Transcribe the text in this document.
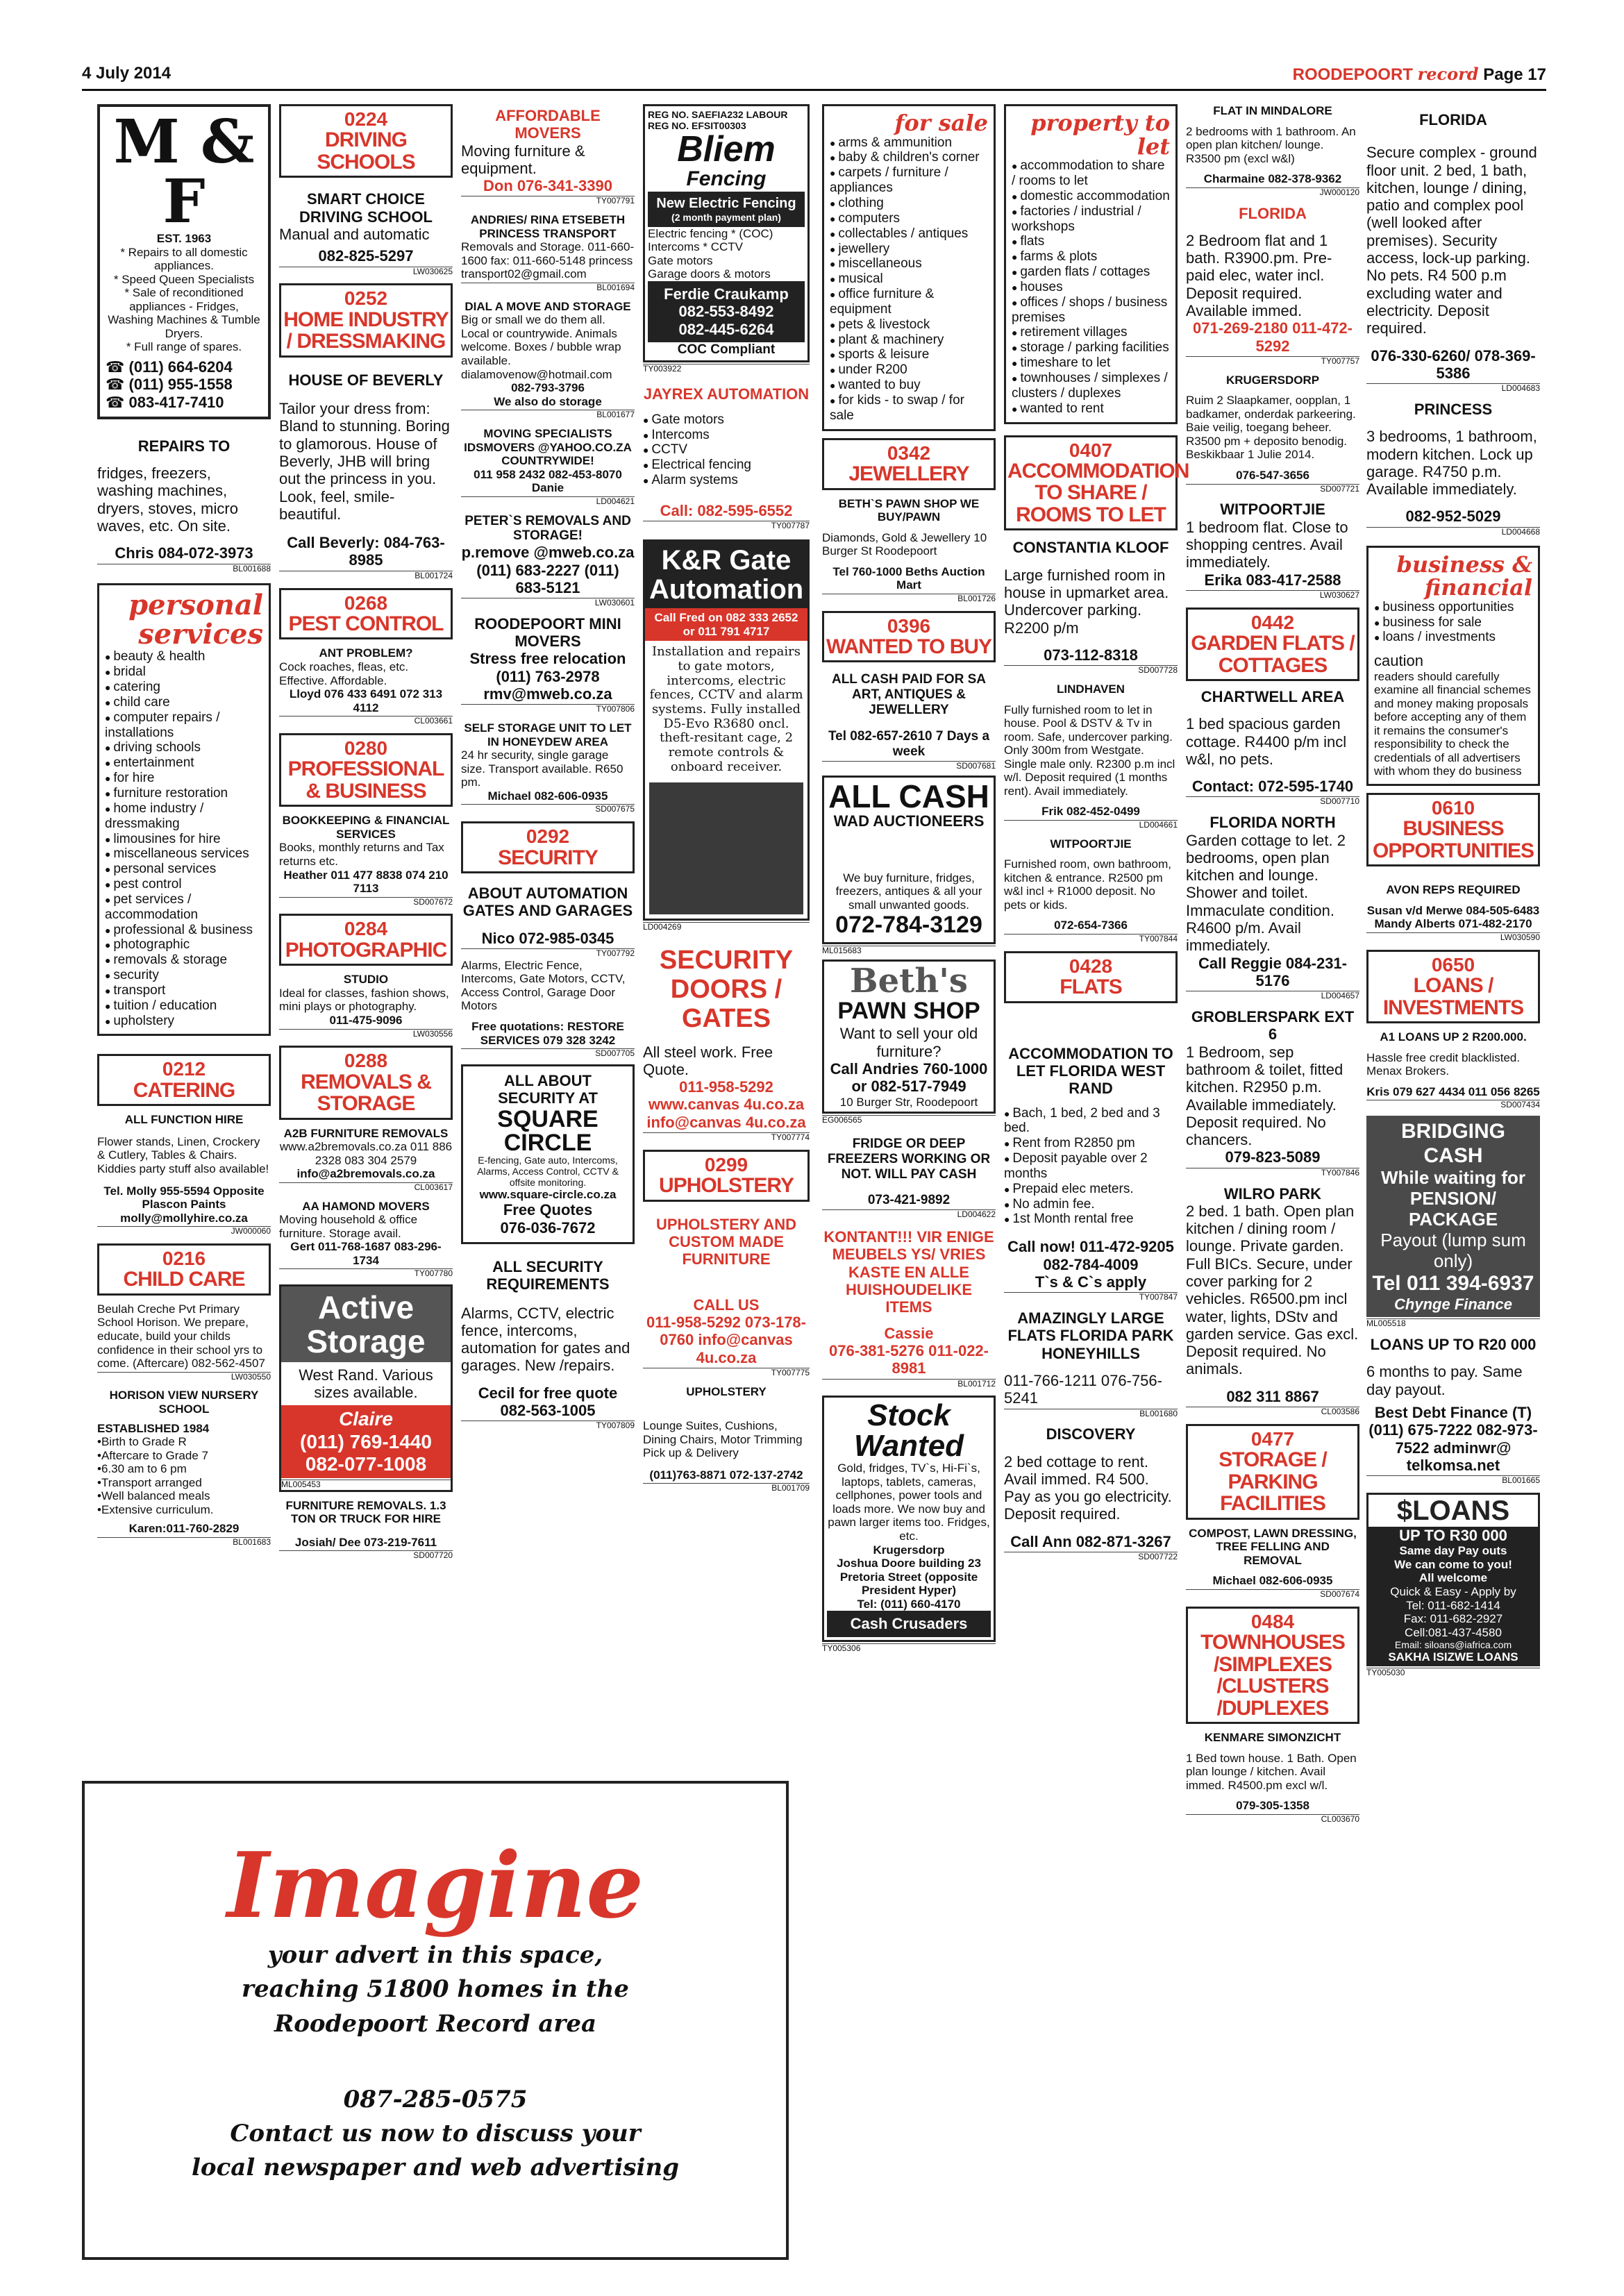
4 July 2014	ROODEPOORT record Page 17
M & F
EST. 1963
* Repairs to all domestic appliances.
* Speed Queen Specialists
* Sale of reconditioned appliances - Fridges, Washing Machines & Tumble Dryers.
* Full range of spares.
☎ (011) 664-6204
☎ (011) 955-1558
☎ 083-417-7410
REPAIRS TO
fridges, freezers, washing machines, dryers, stoves, micro waves, etc. On site.
Chris 084-072-3973
BL001688
personal services
● beauty & health
● bridal
● catering
● child care
● computer repairs / installations
● driving schools
● entertainment
● for hire
● furniture restoration
● home industry / dressmaking
● limousines for hire
● miscellaneous services
● personal services
● pest control
● pet services / accommodation
● professional & business
● photographic
● removals & storage
● security
● transport
● tuition / education
● upholstery
0212
CATERING
ALL FUNCTION HIRE
Flower stands, Linen, Crockery & Cutlery, Tables & Chairs. Kiddies party stuff also available!
Tel. Molly 955-5594 Opposite Plascon Paints molly@mollyhire.co.za
JW000060
0216
CHILD CARE
Beulah Creche Pvt Primary School Horison. We prepare, educate, build your childs confidence in their school yrs to come. (Aftercare) 082-562-4507
LW030550
HORISON VIEW NURSERY SCHOOL
ESTABLISHED 1984
•Birth to Grade R
•Aftercare to Grade 7
•6.30 am to 6 pm
•Transport arranged
•Well balanced meals
•Extensive curriculum.
Karen:011-760-2829
BL001683
0224
DRIVING SCHOOLS
SMART CHOICE DRIVING SCHOOL
Manual and automatic
082-825-5297
LW030625
0252
HOME INDUSTRY / DRESSMAKING
HOUSE OF BEVERLY
Tailor your dress from: Bland to stunning. Boring to glamorous. House of Beverly, JHB will bring out the princess in you. Look, feel, smile-beautiful.
Call Beverly: 084-763-8985
BL001724
0268
PEST CONTROL
ANT PROBLEM?
Cock roaches, fleas, etc. Effective. Affordable.
Lloyd 076 433 6491 072 313 4112
CL003661
0280
PROFESSIONAL & BUSINESS
BOOKKEEPING & FINANCIAL SERVICES
Books, monthly returns and Tax returns etc.
Heather 011 477 8838 074 210 7113
SD007672
0284
PHOTOGRAPHIC
STUDIO
Ideal for classes, fashion shows, mini plays or photography.
011-475-9096
LW030556
0288
REMOVALS & STORAGE
A2B FURNITURE REMOVALS
www.a2bremovals.co.za 011 886 2328 083 304 2579
info@a2bremovals.co.za
CL003617
AA HAMOND MOVERS
Moving household & office furniture. Storage avail.
Gert 011-768-1687 083-296-1734
TY007780
Active Storage
West Rand. Various sizes available.
Claire
(011) 769-1440
082-077-1008
ML005453
FURNITURE REMOVALS. 1.3 TON OR TRUCK FOR HIRE
Josiah/ Dee 073-219-7611
SD007720
AFFORDABLE MOVERS
Moving furniture & equipment.
Don 076-341-3390
TY007791
ANDRIES/ RINA ETSEBETH PRINCESS TRANSPORT
Removals and Storage. 011-660-1600 fax: 011-660-5148 princess transport02@gmail.com
BL001694
DIAL A MOVE AND STORAGE
Big or small we do them all. Local or countrywide. Animals welcome. Boxes / bubble wrap available. dialamovenow@hotmail.com
082-793-3796
We also do storage
BL001677
MOVING SPECIALISTS IDSMOVERS @YAHOO.CO.ZA COUNTRYWIDE!
011 958 2432 082-453-8070 Danie
LD004621
PETER`S REMOVALS AND STORAGE!
p.remove @mweb.co.za (011) 683-2227 (011) 683-5121
LW030601
ROODEPOORT MINI MOVERS
Stress free relocation
(011) 763-2978 rmv@mweb.co.za
TY007806
SELF STORAGE UNIT TO LET IN HONEYDEW AREA
24 hr security, single garage size. Transport available. R650 pm.
Michael 082-606-0935
SD007675
0292
SECURITY
ABOUT AUTOMATION GATES AND GARAGES
Nico 072-985-0345
TY007792
Alarms, Electric Fence, Intercoms, Gate Motors, CCTV, Access Control, Garage Door Motors
Free quotations: RESTORE SERVICES 079 328 3242
SD007705
ALL ABOUT SECURITY AT
SQUARE CIRCLE
E-fencing, Gate auto, Intercoms, Alarms, Access Control, CCTV & offsite monitoring.
www.square-circle.co.za
Free Quotes
076-036-7672
ALL SECURITY REQUIREMENTS
Alarms, CCTV, electric fence, intercoms, automation for gates and garages. New /repairs.
Cecil for free quote 082-563-1005
TY007809
REG NO. SAEFIA232 LABOUR REG NO. EFSIT00303
Bliem
Fencing
New Electric Fencing
(2 month payment plan)
Electric fencing * (COC)
Intercoms * CCTV
Gate motors
Garage doors & motors
Ferdie Craukamp
082-553-8492
082-445-6264
COC Compliant
TY003922
JAYREX AUTOMATION
● Gate motors
● Intercoms
● CCTV
● Electrical fencing
● Alarm systems
Call: 082-595-6552
TY007787
K&R Gate Automation
Call Fred on 082 333 2652 or 011 791 4717
Installation and repairs to gate motors, intercoms, electric fences, CCTV and alarm systems. Fully installed D5-Evo R3680 oncl. theft-resitant cage, 2 remote controls & onboard receiver.
LD004269
SECURITY DOORS / GATES
All steel work. Free Quote.
011-958-5292 www.canvas 4u.co.za info@canvas 4u.co.za
TY007774
0299
UPHOLSTERY
UPHOLSTERY AND CUSTOM MADE FURNITURE
CALL US
011-958-5292 073-178-0760 info@canvas 4u.co.za
TY007775
UPHOLSTERY
Lounge Suites, Cushions, Dining Chairs, Motor Trimming Pick up & Delivery
(011)763-8871 072-137-2742
BL001709
for sale
● arms & ammunition
● baby & children's corner
● carpets / furniture / appliances
● clothing
● computers
● collectables / antiques
● jewellery
● miscellaneous
● musical
● office furniture & equipment
● pets & livestock
● plant & machinery
● sports & leisure
● under R200
● wanted to buy
● for kids - to swap / for sale
0342
JEWELLERY
BETH`S PAWN SHOP WE BUY/PAWN
Diamonds, Gold & Jewellery 10 Burger St Roodepoort
Tel 760-1000 Beths Auction Mart
BL001726
0396
WANTED TO BUY
ALL CASH PAID FOR SA ART, ANTIQUES & JEWELLERY
Tel 082-657-2610 7 Days a week
SD007681
ALL CASH
WAD AUCTIONEERS
We buy furniture, fridges, freezers, antiques & all your small unwanted goods.
072-784-3129
ML015683
Beth's
PAWN SHOP
Want to sell your old furniture?
Call Andries 760-1000 or 082-517-7949
10 Burger Str, Roodepoort
EG006565
FRIDGE OR DEEP FREEZERS WORKING OR NOT. WILL PAY CASH
073-421-9892
LD004622
KONTANT!!! VIR ENIGE MEUBELS YS/ VRIES KASTE EN ALLE HUISHOUDELIKE ITEMS
Cassie
076-381-5276 011-022-8981
BL001712
Stock Wanted
Gold, fridges, TV`s, Hi-Fi`s, laptops, tablets, cameras, cellphones, power tools and loads more. We now buy and pawn larger items too. Fridges, etc.
Krugersdorp
Joshua Doore building 23 Pretoria Street (opposite President Hyper)
Tel: (011) 660-4170
Cash Crusaders
TY005306
property to let
● accommodation to share / rooms to let
● domestic accommodation
● factories / industrial / workshops
● flats
● farms & plots
● garden flats / cottages
● houses
● offices / shops / business premises
● retirement villages
● storage / parking facilities
● timeshare to let
● townhouses / simplexes / clusters / duplexes
● wanted to rent
0407
ACCOMMODATION TO SHARE / ROOMS TO LET
CONSTANTIA KLOOF
Large furnished room in house in upmarket area. Undercover parking. R2200 p/m
073-112-8318
SD007728
LINDHAVEN
Fully furnished room to let in house. Pool & DSTV & Tv in room. Safe, undercover parking. Only 300m from Westgate. Single male only. R2300 p.m incl w/l. Deposit required (1 months rent). Avail immediately.
Frik 082-452-0499
LD004661
WITPOORTJIE
Furnished room, own bathroom, kitchen & entrance. R2500 pm w&l incl + R1000 deposit. No pets or kids.
072-654-7366
TY007844
0428
FLATS
ACCOMMODATION TO LET FLORIDA WEST RAND
● Bach, 1 bed, 2 bed and 3 bed.
● Rent from R2850 pm
● Deposit payable over 2 months
● Prepaid elec meters.
● No admin fee.
● 1st Month rental free
Call now! 011-472-9205 082-784-4009
T`s & C`s apply
TY007847
AMAZINGLY LARGE FLATS FLORIDA PARK HONEYHILLS
011-766-1211 076-756-5241
BL001680
DISCOVERY
2 bed cottage to rent. Avail immed. R4 500. Pay as you go electricity. Deposit required.
Call Ann 082-871-3267
SD007722
FLAT IN MINDALORE
2 bedrooms with 1 bathroom. An open plan kitchen/ lounge. R3500 pm (excl w&l)
Charmaine 082-378-9362
JW000120
FLORIDA
2 Bedroom flat and 1 bath. R3900.pm. Pre-paid elec, water incl. Deposit required. Available immed.
071-269-2180 011-472-5292
TY007757
KRUGERSDORP
Ruim 2 Slaapkamer, oopplan, 1 badkamer, onderdak parkeering. Baie veilig, toegang beheer. R3500 pm + deposito benodig. Beskikbaar 1 Julie 2014.
076-547-3656
SD007721
WITPOORTJIE
1 bedroom flat. Close to shopping centres. Avail immediately.
Erika 083-417-2588
LW030627
0442
GARDEN FLATS / COTTAGES
CHARTWELL AREA
1 bed spacious garden cottage. R4400 p/m incl w&l, no pets.
Contact: 072-595-1740
SD007710
FLORIDA NORTH
Garden cottage to let. 2 bedrooms, open plan kitchen and lounge. Shower and toilet. Immaculate condition. R4600 p/m. Avail immediately.
Call Reggie 084-231-5176
LD004657
GROBLERSPARK EXT 6
1 Bedroom, sep bathroom & toilet, fitted kitchen. R2950 p.m. Available immediately. Deposit required. No chancers.
079-823-5089
TY007846
WILRO PARK
2 bed. 1 bath. Open plan kitchen / dining room / lounge. Private garden. Full BICs. Secure, under cover parking for 2 vehicles. R6500.pm incl water, lights, DStv and garden service. Gas excl. Deposit required. No animals.
082 311 8867
CL003586
0477
STORAGE / PARKING FACILITIES
COMPOST, LAWN DRESSING, TREE FELLING AND REMOVAL
Michael 082-606-0935
SD007674
0484
TOWNHOUSES /SIMPLEXES /CLUSTERS /DUPLEXES
KENMARE SIMONZICHT
1 Bed town house. 1 Bath. Open plan lounge / kitchen. Avail immed. R4500.pm excl w/l.
079-305-1358
CL003670
FLORIDA
Secure complex - ground floor unit. 2 bed, 1 bath, kitchen, lounge / dining, patio and complex pool (well looked after premises). Security access, lock-up parking. No pets. R4 500 p.m excluding water and electricity. Deposit required.
076-330-6260/ 078-369-5386
LD004683
PRINCESS
3 bedrooms, 1 bathroom, modern kitchen. Lock up garage. R4750 p.m. Available immediately.
082-952-5029
LD004668
business & financial
● business opportunities
● business for sale
● loans / investments
caution
readers should carefully examine all financial schemes and money making proposals before accepting any of them it remains the consumer's responsibility to check the credentials of all advertisers with whom they do business
0610
BUSINESS OPPORTUNITIES
AVON REPS REQUIRED
Susan v/d Merwe 084-505-6483 Mandy Alberts 071-482-2170
LW030590
0650
LOANS / INVESTMENTS
A1 LOANS UP 2 R200.000.
Hassle free credit blacklisted. Menax Brokers.
Kris 079 627 4434 011 056 8265
SD007434
BRIDGING CASH
While waiting for PENSION/ PACKAGE
Payout (lump sum only)
Tel 011 394-6937
Chynge Finance
ML005518
LOANS UP TO R20 000
6 months to pay. Same day payout.
Best Debt Finance (T) (011) 675-7222 082-973-7522 adminwr@ telkomsa.net
BL001665
$LOANS
UP TO R30 000
Same day Pay outs
We can come to you!
All welcome
Quick & Easy - Apply by
Tel: 011-682-1414
Fax: 011-682-2927
Cell:081-437-4580
Email: siloans@iafrica.com
SAKHA ISIZWE LOANS
TY005030
Imagine
your advert in this space,
reaching 51800 homes in the
Roodepoort Record area
087-285-0575
Contact us now to discuss your
local newspaper and web advertising
